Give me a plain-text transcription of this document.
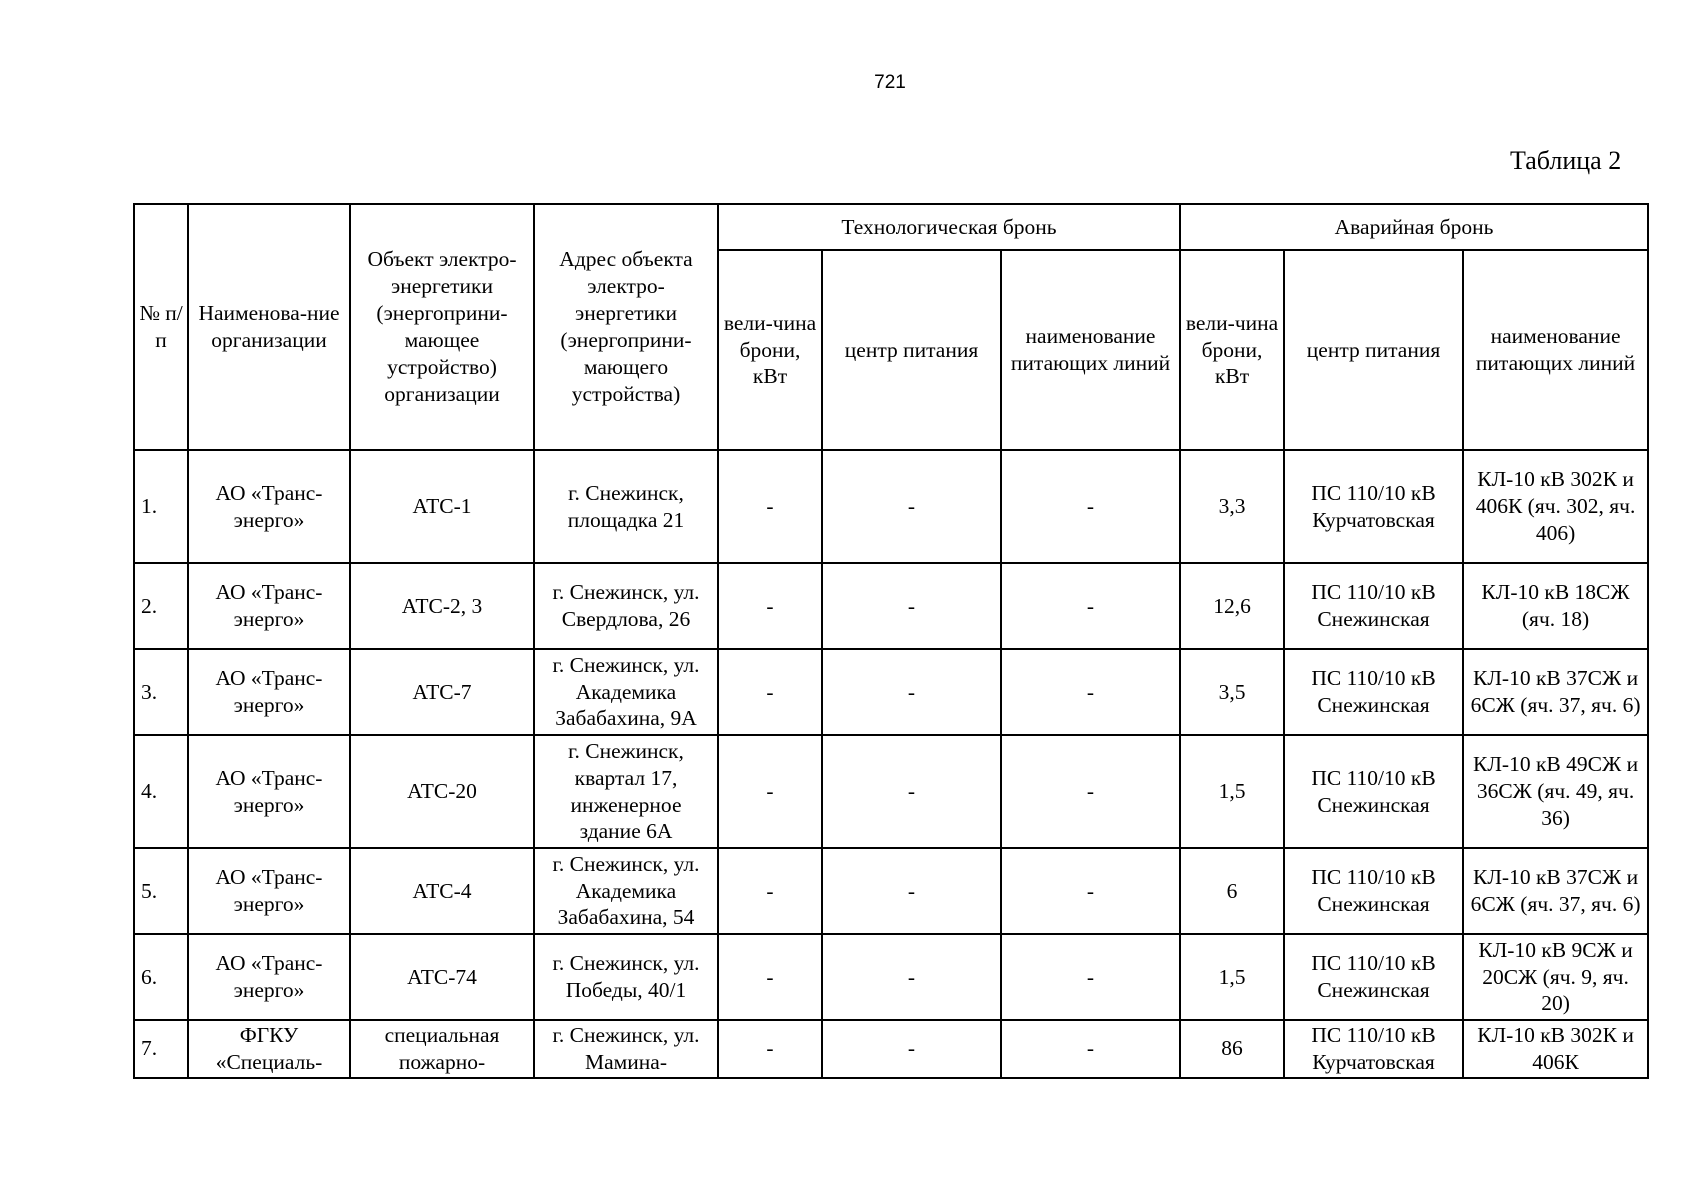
721
Таблица 2
№ п/п	Наименова-ние организации	Объект электро-энергетики (энергоприни-мающее устройство) организации	Адрес объекта электро-энергетики (энергоприни-мающего устройства)	Технологическая бронь			Аварийная бронь		
				вели-чина брони, кВт	центр питания	наименование питающих линий	вели-чина брони, кВт	центр питания	наименование питающих линий
1.	АО «Транс-энерго»	АТС-1	г. Снежинск, площадка 21	-	-	-	3,3	ПС 110/10 кВ Курчатовская	КЛ-10 кВ 302К и 406К (яч. 302, яч. 406)
2.	АО «Транс-энерго»	АТС-2, 3	г. Снежинск, ул. Свердлова, 26	-	-	-	12,6	ПС 110/10 кВ Снежинская	КЛ-10 кВ 18СЖ (яч. 18)
3.	АО «Транс-энерго»	АТС-7	г. Снежинск, ул. Академика Забабахина, 9А	-	-	-	3,5	ПС 110/10 кВ Снежинская	КЛ-10 кВ 37СЖ и 6СЖ (яч. 37, яч. 6)
4.	АО «Транс-энерго»	АТС-20	г. Снежинск, квартал 17, инженерное здание 6А	-	-	-	1,5	ПС 110/10 кВ Снежинская	КЛ-10 кВ 49СЖ и 36СЖ (яч. 49, яч. 36)
5.	АО «Транс-энерго»	АТС-4	г. Снежинск, ул. Академика Забабахина, 54	-	-	-	6	ПС 110/10 кВ Снежинская	КЛ-10 кВ 37СЖ и 6СЖ (яч. 37, яч. 6)
6.	АО «Транс-энерго»	АТС-74	г. Снежинск, ул. Победы, 40/1	-	-	-	1,5	ПС 110/10 кВ Снежинская	КЛ-10 кВ 9СЖ и 20СЖ (яч. 9, яч. 20)
7.	ФГКУ «Специаль-	специальная пожарно-	г. Снежинск, ул. Мамина-	-	-	-	86	ПС 110/10 кВ Курчатовская	КЛ-10 кВ 302К и 406К
